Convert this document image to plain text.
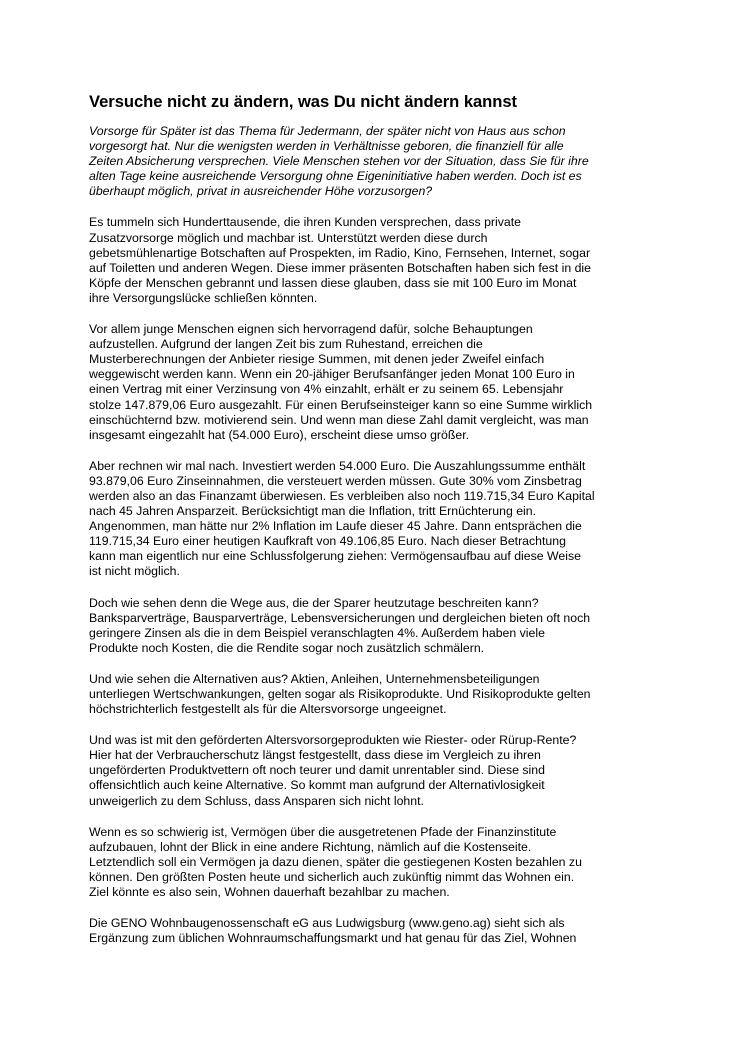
Versuche nicht zu ändern, was Du nicht ändern kannst

Vorsorge für Später ist das Thema für Jedermann, der später nicht von Haus aus schon
vorgesorgt hat. Nur die wenigsten werden in Verhältnisse geboren, die finanziell für alle
Zeiten Absicherung versprechen. Viele Menschen stehen vor der Situation, dass Sie für ihre
alten Tage keine ausreichende Versorgung ohne Eigeninitiative haben werden. Doch ist es
überhaupt möglich, privat in ausreichender Höhe vorzusorgen?

Es tummeln sich Hunderttausende, die ihren Kunden versprechen, dass private
Zusatzvorsorge möglich und machbar ist. Unterstützt werden diese durch
gebetsmühlenartige Botschaften auf Prospekten, im Radio, Kino, Fernsehen, Internet, sogar
auf Toiletten und anderen Wegen. Diese immer präsenten Botschaften haben sich fest in die
Köpfe der Menschen gebrannt und lassen diese glauben, dass sie mit 100 Euro im Monat
ihre Versorgungslücke schließen könnten.

Vor allem junge Menschen eignen sich hervorragend dafür, solche Behauptungen
aufzustellen. Aufgrund der langen Zeit bis zum Ruhestand, erreichen die
Musterberechnungen der Anbieter riesige Summen, mit denen jeder Zweifel einfach
weggewischt werden kann. Wenn ein 20-jähiger Berufsanfänger jeden Monat 100 Euro in
einen Vertrag mit einer Verzinsung von 4% einzahlt, erhält er zu seinem 65. Lebensjahr
stolze 147.879,06 Euro ausgezahlt. Für einen Berufseinsteiger kann so eine Summe wirklich
einschüchternd bzw. motivierend sein. Und wenn man diese Zahl damit vergleicht, was man
insgesamt eingezahlt hat (54.000 Euro), erscheint diese umso größer.

Aber rechnen wir mal nach. Investiert werden 54.000 Euro. Die Auszahlungssumme enthält
93.879,06 Euro Zinseinnahmen, die versteuert werden müssen. Gute 30% vom Zinsbetrag
werden also an das Finanzamt überwiesen. Es verbleiben also noch 119.715,34 Euro Kapital
nach 45 Jahren Ansparzeit. Berücksichtigt man die Inflation, tritt Ernüchterung ein.
Angenommen, man hätte nur 2% Inflation im Laufe dieser 45 Jahre. Dann entsprächen die
119.715,34 Euro einer heutigen Kaufkraft von 49.106,85 Euro. Nach dieser Betrachtung
kann man eigentlich nur eine Schlussfolgerung ziehen: Vermögensaufbau auf diese Weise
ist nicht möglich.

Doch wie sehen denn die Wege aus, die der Sparer heutzutage beschreiten kann?
Banksparverträge, Bausparverträge, Lebensversicherungen und dergleichen bieten oft noch
geringere Zinsen als die in dem Beispiel veranschlagten 4%. Außerdem haben viele
Produkte noch Kosten, die die Rendite sogar noch zusätzlich schmälern.

Und wie sehen die Alternativen aus? Aktien, Anleihen, Unternehmensbeteiligungen
unterliegen Wertschwankungen, gelten sogar als Risikoprodukte. Und Risikoprodukte gelten
höchstrichterlich festgestellt als für die Altersvorsorge ungeeignet.

Und was ist mit den geförderten Altersvorsorgeprodukten wie Riester- oder Rürup-Rente?
Hier hat der Verbraucherschutz längst festgestellt, dass diese im Vergleich zu ihren
ungeförderten Produktvettern oft noch teurer und damit unrentabler sind. Diese sind
offensichtlich auch keine Alternative. So kommt man aufgrund der Alternativlosigkeit
unweigerlich zu dem Schluss, dass Ansparen sich nicht lohnt.

Wenn es so schwierig ist, Vermögen über die ausgetretenen Pfade der Finanzinstitute
aufzubauen, lohnt der Blick in eine andere Richtung, nämlich auf die Kostenseite.
Letztendlich soll ein Vermögen ja dazu dienen, später die gestiegenen Kosten bezahlen zu
können. Den größten Posten heute und sicherlich auch zukünftig nimmt das Wohnen ein.
Ziel könnte es also sein, Wohnen dauerhaft bezahlbar zu machen.

Die GENO Wohnbaugenossenschaft eG aus Ludwigsburg (www.geno.ag) sieht sich als
Ergänzung zum üblichen Wohnraumschaffungsmarkt und hat genau für das Ziel, Wohnen
